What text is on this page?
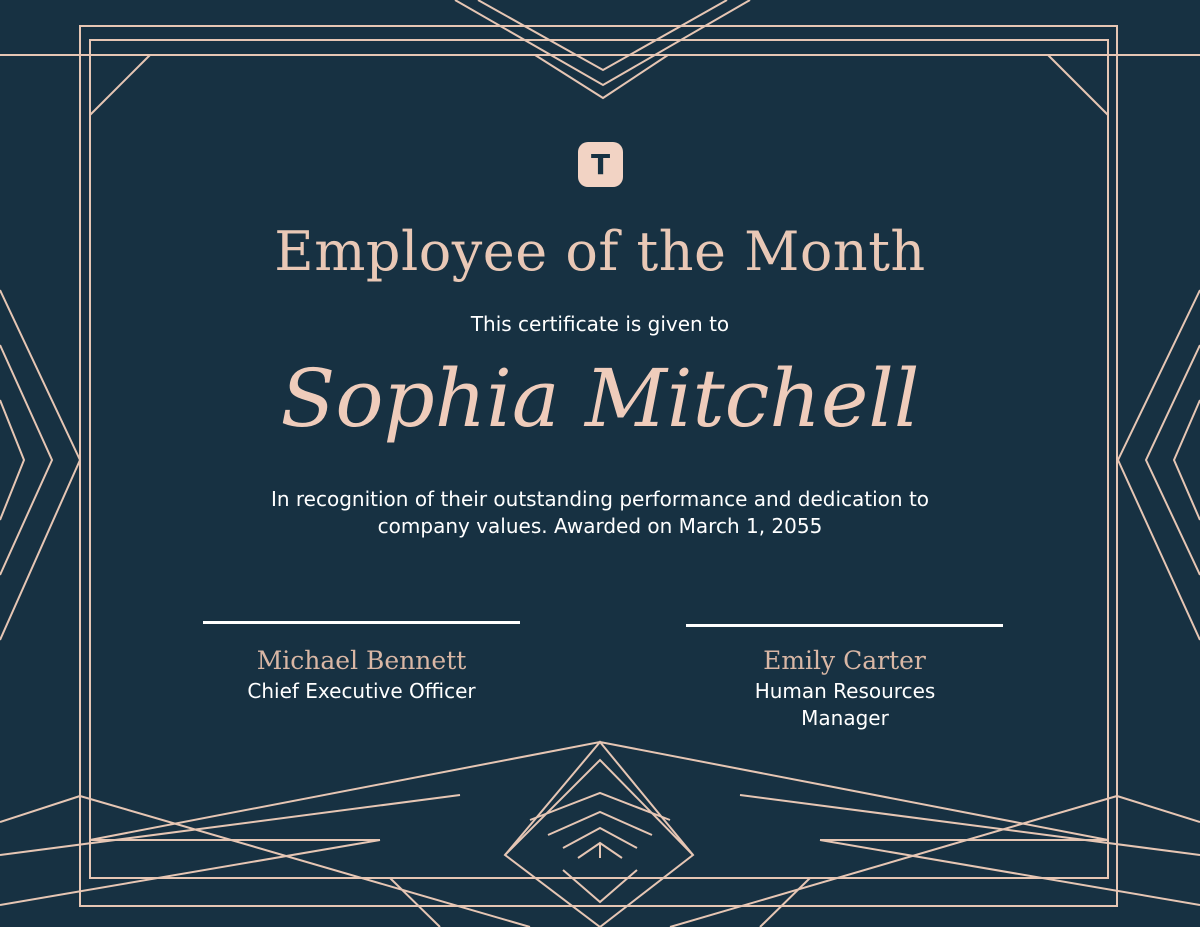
T
Employee of the Month
This certificate is given to
Sophia Mitchell
In recognition of their outstanding performance and dedication to company values. Awarded on March 1, 2055
Michael Bennett
Chief Executive Officer
Emily Carter
Human Resources Manager
